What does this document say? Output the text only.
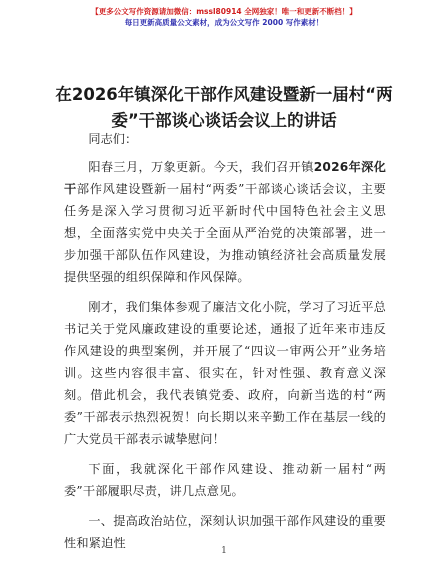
【更多公文写作资源请加微信：mssl80914 全网独家！唯一和更新不断档！】
每日更新高质量公文素材，成为公文写作 2000 写作素材！
在2026年镇深化干部作风建设暨新一届村“两委”干部谈心谈话会议上的讲话

同志们：

阳春三月，万象更新。今天，我们召开镇2026年深化干部作风建设暨新一届村“两委”干部谈心谈话会议，主要任务是深入学习贯彻习近平新时代中国特色社会主义思想，全面落实党中央关于全面从严治党的决策部署，进一步加强干部队伍作风建设，为推动镇经济社会高质量发展提供坚强的组织保障和作风保障。

刚才，我们集体参观了廉洁文化小院，学习了习近平总书记关于党风廉政建设的重要论述，通报了近年来市违反作风建设的典型案例，并开展了“四议一审两公开”业务培训。这些内容很丰富、很实在，针对性强、教育意义深刻。借此机会，我代表镇党委、政府，向新当选的村“两委”干部表示热烈祝贺！向长期以来辛勤工作在基层一线的广大党员干部表示诚挚慰问！

下面，我就深化干部作风建设、推动新一届村“两委”干部履职尽责，讲几点意见。

一、提高政治站位，深刻认识加强干部作风建设的重要性和紧迫性

1
